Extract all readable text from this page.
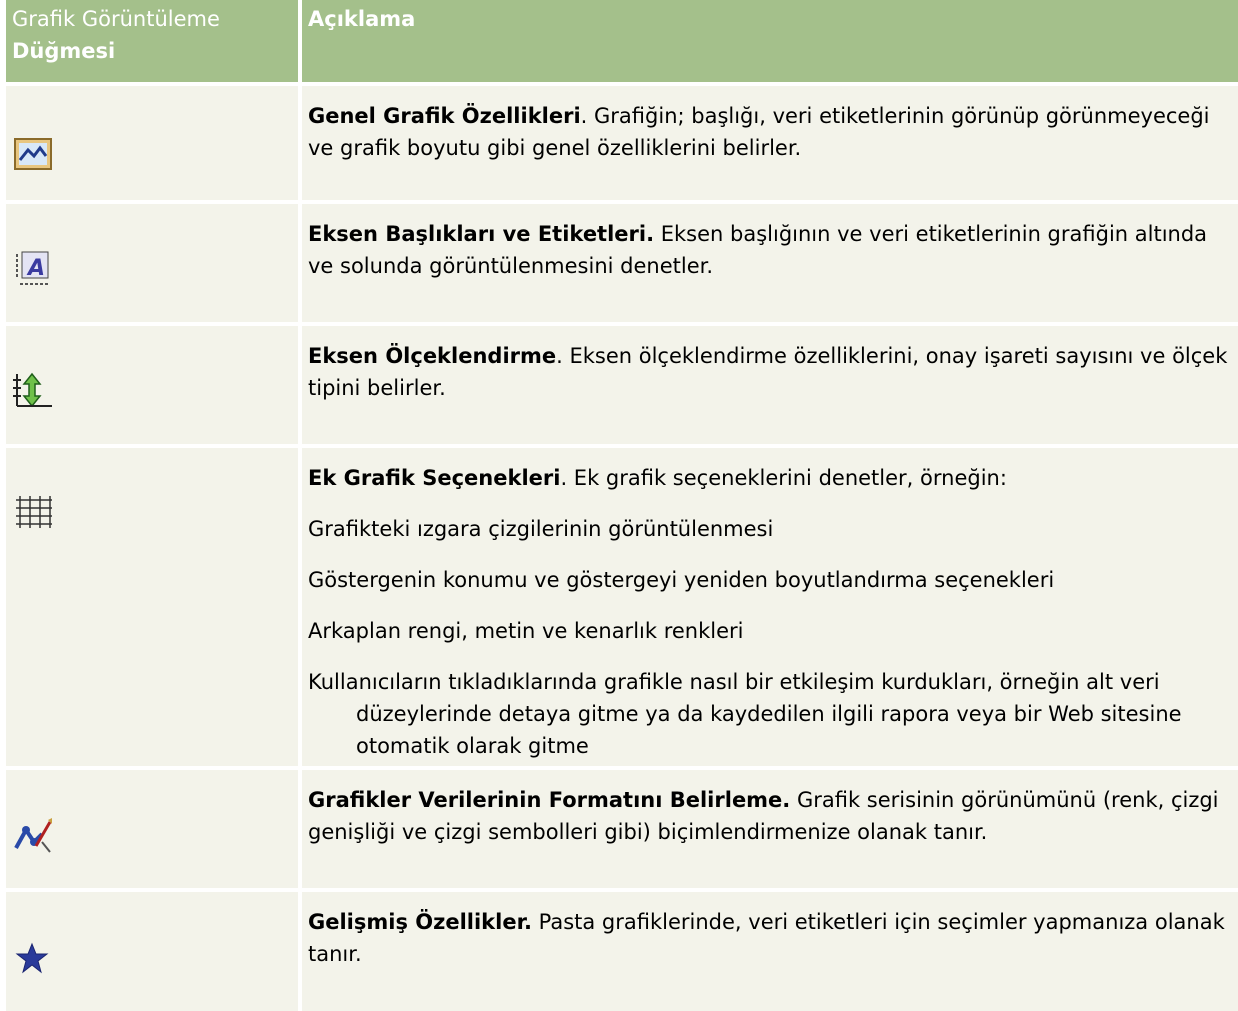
Grafik Görüntüleme
Düğmesi
Açıklama
Genel Grafik Özellikleri. Grafiğin; başlığı, veri etiketlerinin görünüp görünmeyeceği ve grafik boyutu gibi genel özelliklerini belirler.
A
Eksen Başlıkları ve Etiketleri. Eksen başlığının ve veri etiketlerinin grafiğin altında ve solunda görüntülenmesini denetler.
Eksen Ölçeklendirme. Eksen ölçeklendirme özelliklerini, onay işareti sayısını ve ölçek tipini belirler.
Ek Grafik Seçenekleri. Ek grafik seçeneklerini denetler, örneğin:
Grafikteki ızgara çizgilerinin görüntülenmesi
Göstergenin konumu ve göstergeyi yeniden boyutlandırma seçenekleri
Arkaplan rengi, metin ve kenarlık renkleri
Kullanıcıların tıkladıklarında grafikle nasıl bir etkileşim kurdukları, örneğin alt veri düzeylerinde detaya gitme ya da kaydedilen ilgili rapora veya bir Web sitesine otomatik olarak gitme
Grafikler Verilerinin Formatını Belirleme. Grafik serisinin görünümünü (renk, çizgi genişliği ve çizgi sembolleri gibi) biçimlendirmenize olanak tanır.
Gelişmiş Özellikler. Pasta grafiklerinde, veri etiketleri için seçimler yapmanıza olanak tanır.
